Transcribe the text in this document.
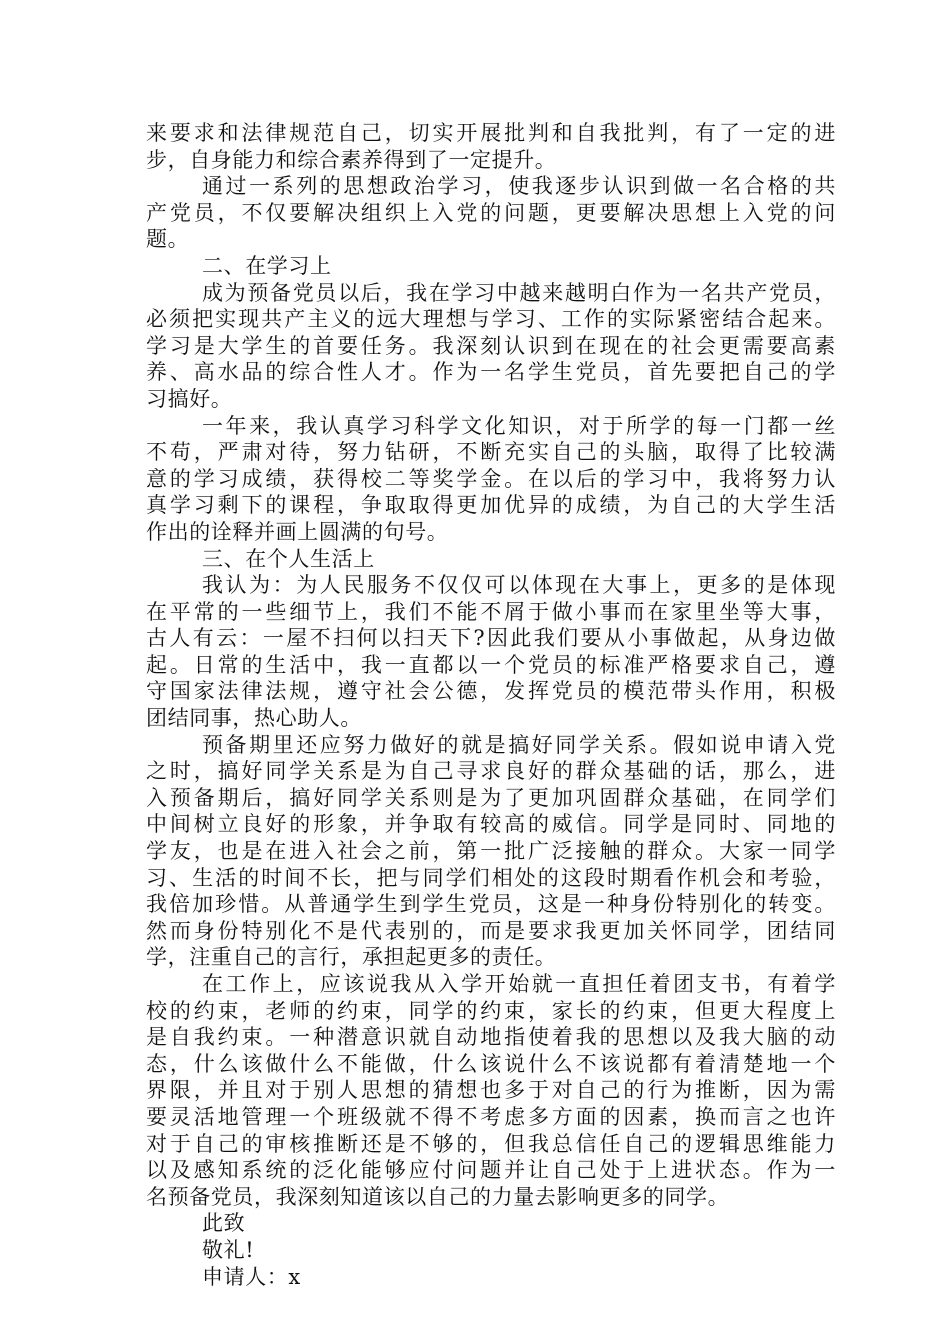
来要求和法律规范自己，切实开展批判和自我批判，有了一定的进
步，自身能力和综合素养得到了一定提升。
通过一系列的思想政治学习，使我逐步认识到做一名合格的共
产党员，不仅要解决组织上入党的问题，更要解决思想上入党的问
题。
二、在学习上
成为预备党员以后，我在学习中越来越明白作为一名共产党员，
必须把实现共产主义的远大理想与学习、工作的实际紧密结合起来。
学习是大学生的首要任务。我深刻认识到在现在的社会更需要高素
养、高水品的综合性人才。作为一名学生党员，首先要把自己的学
习搞好。
一年来，我认真学习科学文化知识，对于所学的每一门都一丝
不苟，严肃对待，努力钻研，不断充实自己的头脑，取得了比较满
意的学习成绩，获得校二等奖学金。在以后的学习中，我将努力认
真学习剩下的课程，争取取得更加优异的成绩，为自己的大学生活
作出的诠释并画上圆满的句号。
三、在个人生活上
我认为：为人民服务不仅仅可以体现在大事上，更多的是体现
在平常的一些细节上，我们不能不屑于做小事而在家里坐等大事，
古人有云：一屋不扫何以扫天下?因此我们要从小事做起，从身边做
起。日常的生活中，我一直都以一个党员的标准严格要求自己，遵
守国家法律法规，遵守社会公德，发挥党员的模范带头作用，积极
团结同事，热心助人。
预备期里还应努力做好的就是搞好同学关系。假如说申请入党
之时，搞好同学关系是为自己寻求良好的群众基础的话，那么，进
入预备期后，搞好同学关系则是为了更加巩固群众基础，在同学们
中间树立良好的形象，并争取有较高的威信。同学是同时、同地的
学友，也是在进入社会之前，第一批广泛接触的群众。大家一同学
习、生活的时间不长，把与同学们相处的这段时期看作机会和考验，
我倍加珍惜。从普通学生到学生党员，这是一种身份特别化的转变。
然而身份特别化不是代表别的，而是要求我更加关怀同学，团结同
学，注重自己的言行，承担起更多的责任。
在工作上，应该说我从入学开始就一直担任着团支书，有着学
校的约束，老师的约束，同学的约束，家长的约束，但更大程度上
是自我约束。一种潜意识就自动地指使着我的思想以及我大脑的动
态，什么该做什么不能做，什么该说什么不该说都有着清楚地一个
界限，并且对于别人思想的猜想也多于对自己的行为推断，因为需
要灵活地管理一个班级就不得不考虑多方面的因素，换而言之也许
对于自己的审核推断还是不够的，但我总信任自己的逻辑思维能力
以及感知系统的泛化能够应付问题并让自己处于上进状态。作为一
名预备党员，我深刻知道该以自己的力量去影响更多的同学。
此致
敬礼!
申请人：x
